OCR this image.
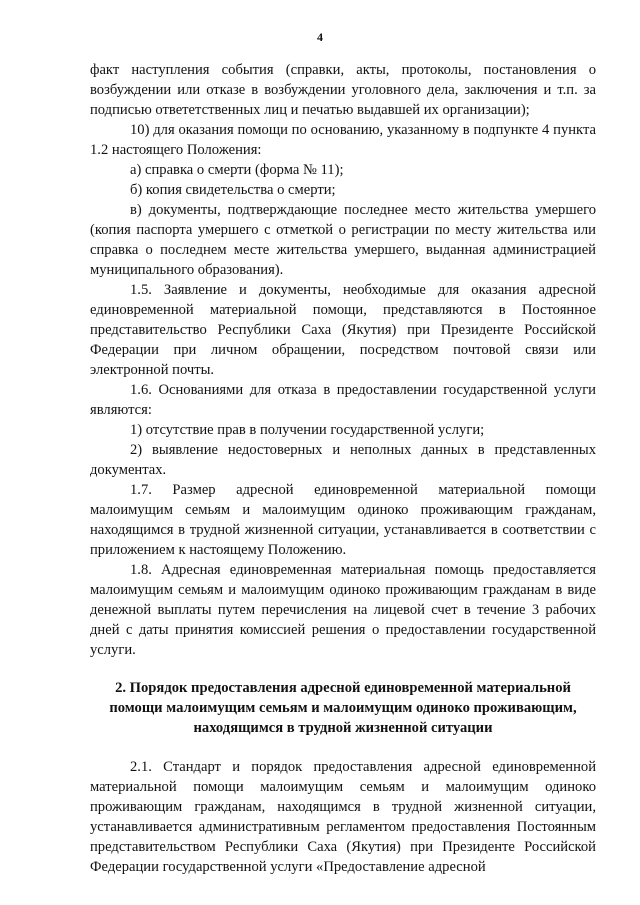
4

факт наступления события (справки, акты, протоколы, постановления о возбуждении или отказе в возбуждении уголовного дела, заключения и т.п. за подписью ответетственных лиц и печатью выдавшей их организации);

10) для оказания помощи по основанию, указанному в подпункте 4 пункта 1.2 настоящего Положения:

а) справка о смерти (форма № 11);

б) копия свидетельства о смерти;

в) документы, подтверждающие последнее место жительства умершего (копия паспорта умершего с отметкой о регистрации по месту жительства или справка о последнем месте жительства умершего, выданная администрацией муниципального образования).

1.5. Заявление и документы, необходимые для оказания адресной единовременной материальной помощи, представляются в Постоянное представительство Республики Саха (Якутия) при Президенте Российской Федерации при личном обращении, посредством почтовой связи или электронной почты.

1.6. Основаниями для отказа в предоставлении государственной услуги являются:

1) отсутствие прав в получении государственной услуги;

2) выявление недостоверных и неполных данных в представленных документах.

1.7. Размер адресной единовременной материальной помощи малоимущим семьям и малоимущим одиноко проживающим гражданам, находящимся в трудной жизненной ситуации, устанавливается в соответствии с приложением к настоящему Положению.

1.8. Адресная единовременная материальная помощь предоставляется малоимущим семьям и малоимущим одиноко проживающим гражданам в виде денежной выплаты путем перечисления на лицевой счет в течение 3 рабочих дней с даты принятия комиссией решения о предоставлении государственной услуги.

2. Порядок предоставления адресной единовременной материальной помощи малоимущим семьям и малоимущим одиноко проживающим, находящимся в трудной жизненной ситуации

2.1. Стандарт и порядок предоставления адресной единовременной материальной помощи малоимущим семьям и малоимущим одиноко проживающим гражданам, находящимся в трудной жизненной ситуации, устанавливается административным регламентом предоставления Постоянным представительством Республики Саха (Якутия) при Президенте Российской Федерации государственной услуги «Предоставление адресной
